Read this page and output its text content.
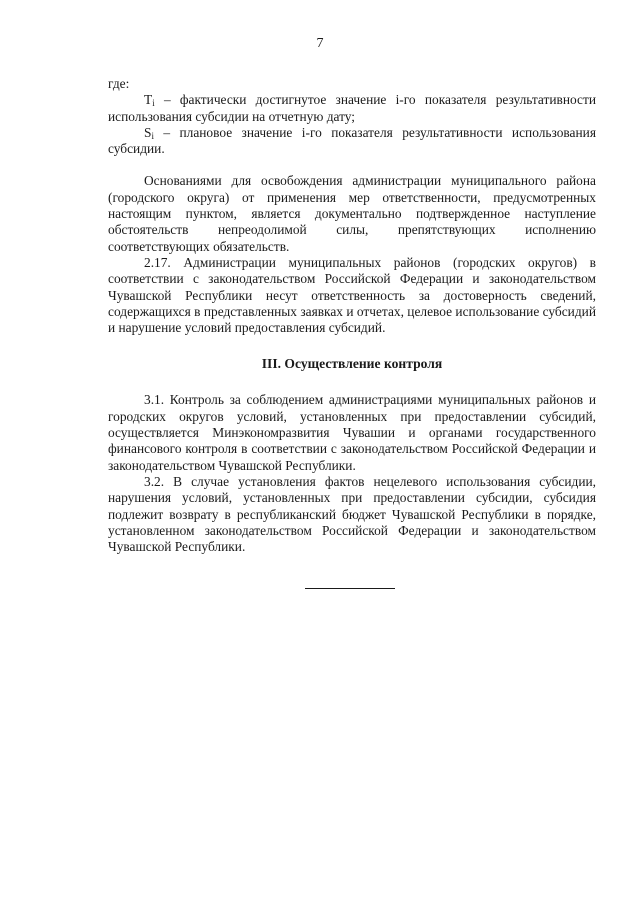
7

где:

$T_i$ – фактически достигнутое значение i-го показателя результативности использования субсидии на отчетную дату;

$S_i$ – плановое значение i-го показателя результативности использования субсидии.

Основаниями для освобождения администрации муниципального района (городского округа) от применения мер ответственности, предусмотренных настоящим пунктом, является документально подтвержденное наступление обстоятельств непреодолимой силы, препятствующих исполнению соответствующих обязательств.

2.17. Администрации муниципальных районов (городских округов) в соответствии с законодательством Российской Федерации и законодательством Чувашской Республики несут ответственность за достоверность сведений, содержащихся в представленных заявках и отчетах, целевое использование субсидий и нарушение условий предоставления субсидий.

III. Осуществление контроля

3.1. Контроль за соблюдением администрациями муниципальных районов и городских округов условий, установленных при предоставлении субсидий, осуществляется Минэкономразвития Чувашии и органами государственного финансового контроля в соответствии с законодательством Российской Федерации и законодательством Чувашской Республики.

3.2. В случае установления фактов нецелевого использования субсидии, нарушения условий, установленных при предоставлении субсидии, субсидия подлежит возврату в республиканский бюджет Чувашской Республики в порядке, установленном законодательством Российской Федерации и законодательством Чувашской Республики.
